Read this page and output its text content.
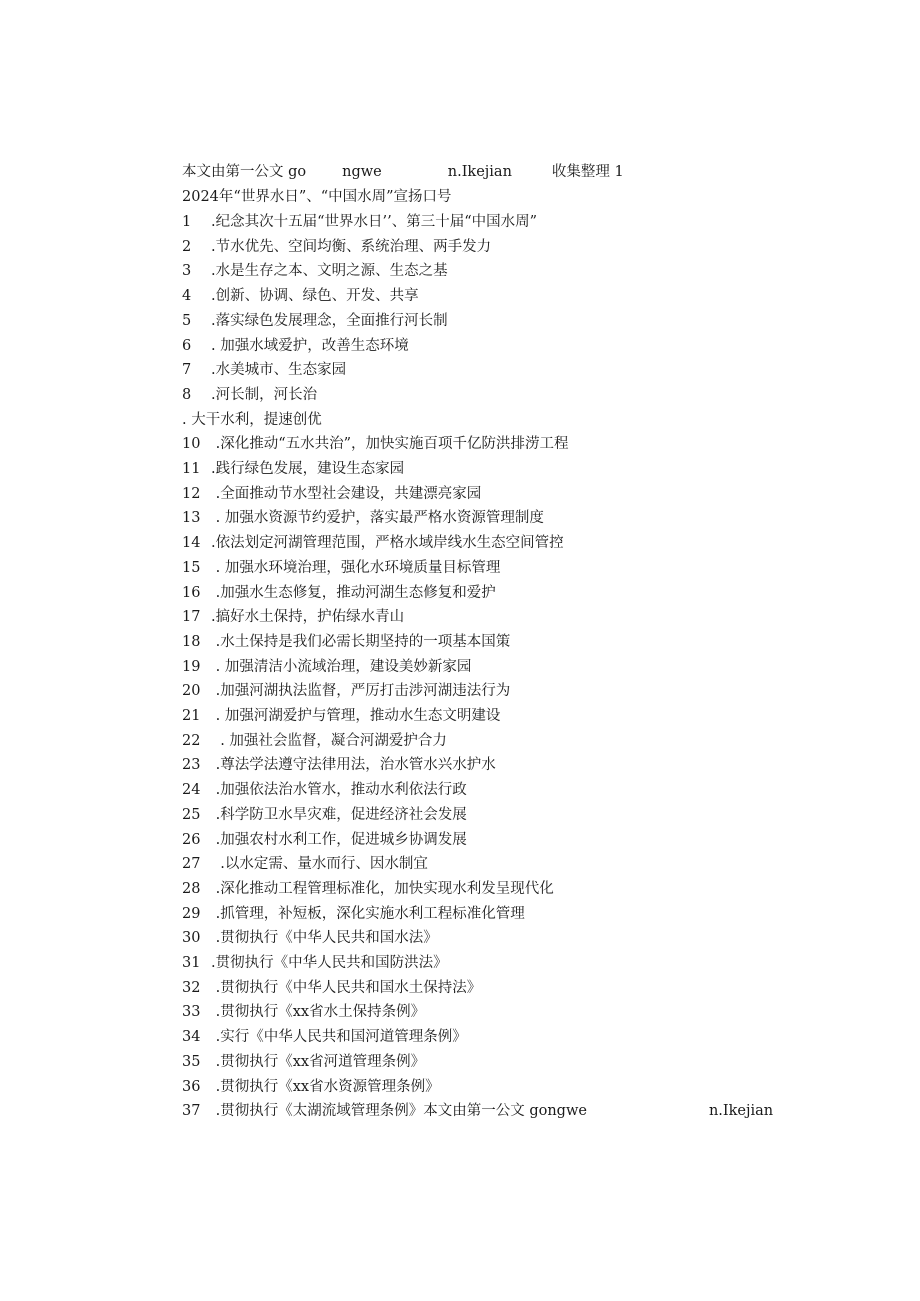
本文由第一公文 go ngwe	n.Ikejian	收集整理 1
2024年“世界水日”、“中国水周”宣扬口号
1 .纪念其次十五届“世界水日’’、第三十届“中国水周”
2 .节水优先、空间均衡、系统治理、两手发力
3 .水是生存之本、文明之源、生态之基
4 .创新、协调、绿色、开发、共享
5 .落实绿色发展理念，全面推行河长制
6 . 加强水域爱护，改善生态环境
7 .水美城市、生态家园
8 .河长制，河长治
. 大干水利，提速创优
10 .深化推动“五水共治”，加快实施百项千亿防洪排涝工程
11 .践行绿色发展，建设生态家园
12 .全面推动节水型社会建设，共建漂亮家园
13 . 加强水资源节约爱护，落实最严格水资源管理制度
14 .依法划定河湖管理范围，严格水域岸线水生态空间管控
15 . 加强水环境治理，强化水环境质量目标管理
16 .加强水生态修复，推动河湖生态修复和爱护
17 .搞好水土保持，护佑绿水青山
18 .水土保持是我们必需长期坚持的一项基本国策
19 . 加强清洁小流域治理，建设美妙新家园
20 .加强河湖执法监督，严厉打击涉河湖违法行为
21 . 加强河湖爱护与管理，推动水生态文明建设
22  . 加强社会监督，凝合河湖爱护合力
23 .尊法学法遵守法律用法，治水管水兴水护水
24 .加强依法治水管水，推动水利依法行政
25 .科学防卫水旱灾难，促进经济社会发展
26 .加强农村水利工作，促进城乡协调发展
27  .以水定需、量水而行、因水制宜
28 .深化推动工程管理标准化，加快实现水利发呈现代化
29 .抓管理，补短板，深化实施水利工程标准化管理
30 .贯彻执行《中华人民共和国水法》
31 .贯彻执行《中华人民共和国防洪法》
32 .贯彻执行《中华人民共和国水土保持法》
33 .贯彻执行《xx省水土保持条例》
34 .实行《中华人民共和国河道管理条例》
35 .贯彻执行《xx省河道管理条例》
36 .贯彻执行《xx省水资源管理条例》
37 .贯彻执行《太湖流域管理条例》本文由第一公文 gongwe	n.Ikejian
